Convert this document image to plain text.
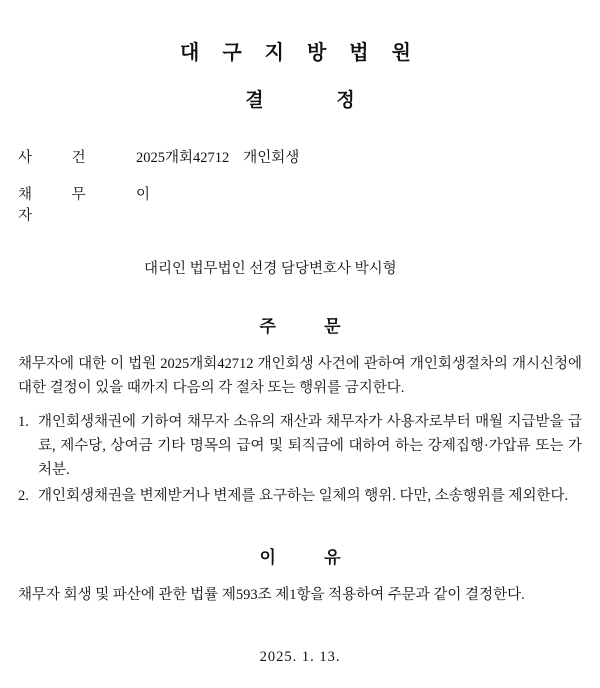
대 구 지 방 법 원
결 정
사 건	2025개회42712 개인회생
채 무 자
이
대리인 법무법인 선경 담당변호사 박시형
주 문

채무자에 대한 이 법원 2025개회42712 개인회생 사건에 관하여 개인회생절차의 개시신청에 대한 결정이 있을 때까지 다음의 각 절차 또는 행위를 금지한다.

1. 개인회생채권에 기하여 채무자 소유의 재산과 채무자가 사용자로부터 매월 지급받을 급료, 제수당, 상여금 기타 명목의 급여 및 퇴직금에 대하여 하는 강제집행·가압류 또는 가처분.
2. 개인회생채권을 변제받거나 변제를 요구하는 일체의 행위. 다만, 소송행위를 제외한다.
이 유

채무자 회생 및 파산에 관한 법률 제593조 제1항을 적용하여 주문과 같이 결정한다.

2025. 1. 13.
